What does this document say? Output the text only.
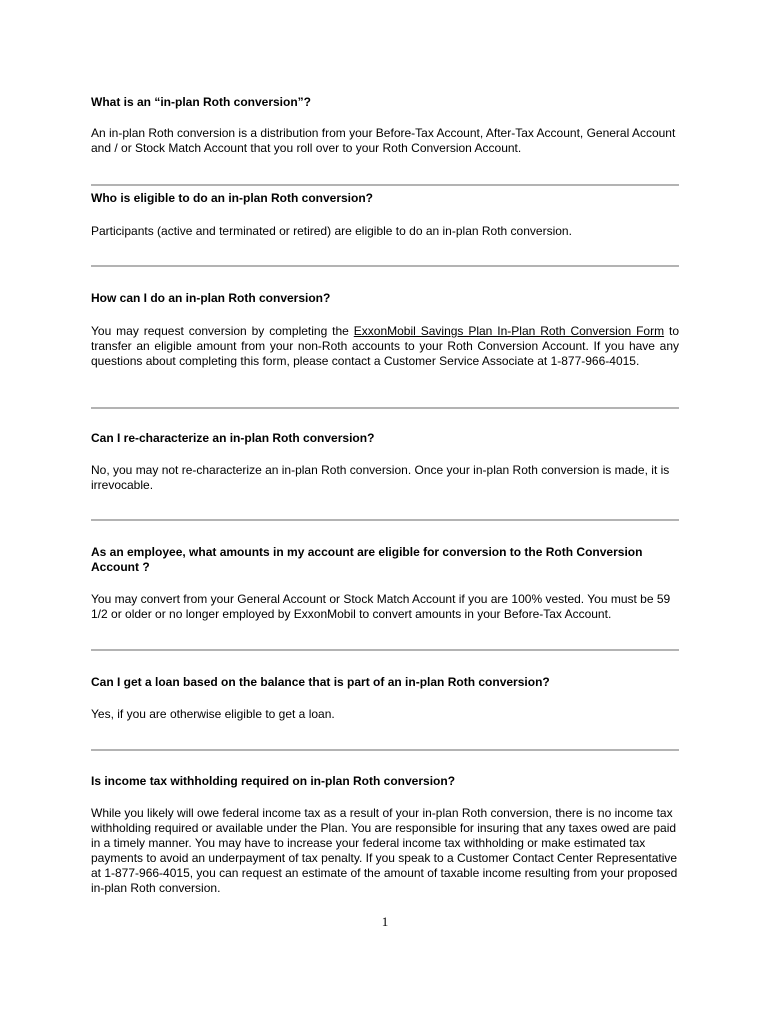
What is an “in-plan Roth conversion”?

An in-plan Roth conversion is a distribution from your Before-Tax Account, After-Tax Account, General Account and / or Stock Match Account that you roll over to your Roth Conversion Account.

Who is eligible to do an in-plan Roth conversion?

Participants (active and terminated or retired) are eligible to do an in-plan Roth conversion.

How can I do an in-plan Roth conversion?

You may request conversion by completing the ExxonMobil Savings Plan In-Plan Roth Conversion Form to transfer an eligible amount from your non-Roth accounts to your Roth Conversion Account. If you have any questions about completing this form, please contact a Customer Service Associate at 1-877-966-4015.

Can I re-characterize an in-plan Roth conversion?

No, you may not re-characterize an in-plan Roth conversion. Once your in-plan Roth conversion is made, it is irrevocable.

As an employee, what amounts in my account are eligible for conversion to the Roth Conversion Account ?

You may convert from your General Account or Stock Match Account if you are 100% vested. You must be 59 1/2 or older or no longer employed by ExxonMobil to convert amounts in your Before-Tax Account.

Can I get a loan based on the balance that is part of an in-plan Roth conversion?

Yes, if you are otherwise eligible to get a loan.

Is income tax withholding required on in-plan Roth conversion?

While you likely will owe federal income tax as a result of your in-plan Roth conversion, there is no income tax withholding required or available under the Plan. You are responsible for insuring that any taxes owed are paid in a timely manner. You may have to increase your federal income tax withholding or make estimated tax payments to avoid an underpayment of tax penalty. If you speak to a Customer Contact Center Representative at 1-877-966-4015, you can request an estimate of the amount of taxable income resulting from your proposed in-plan Roth conversion.

1
